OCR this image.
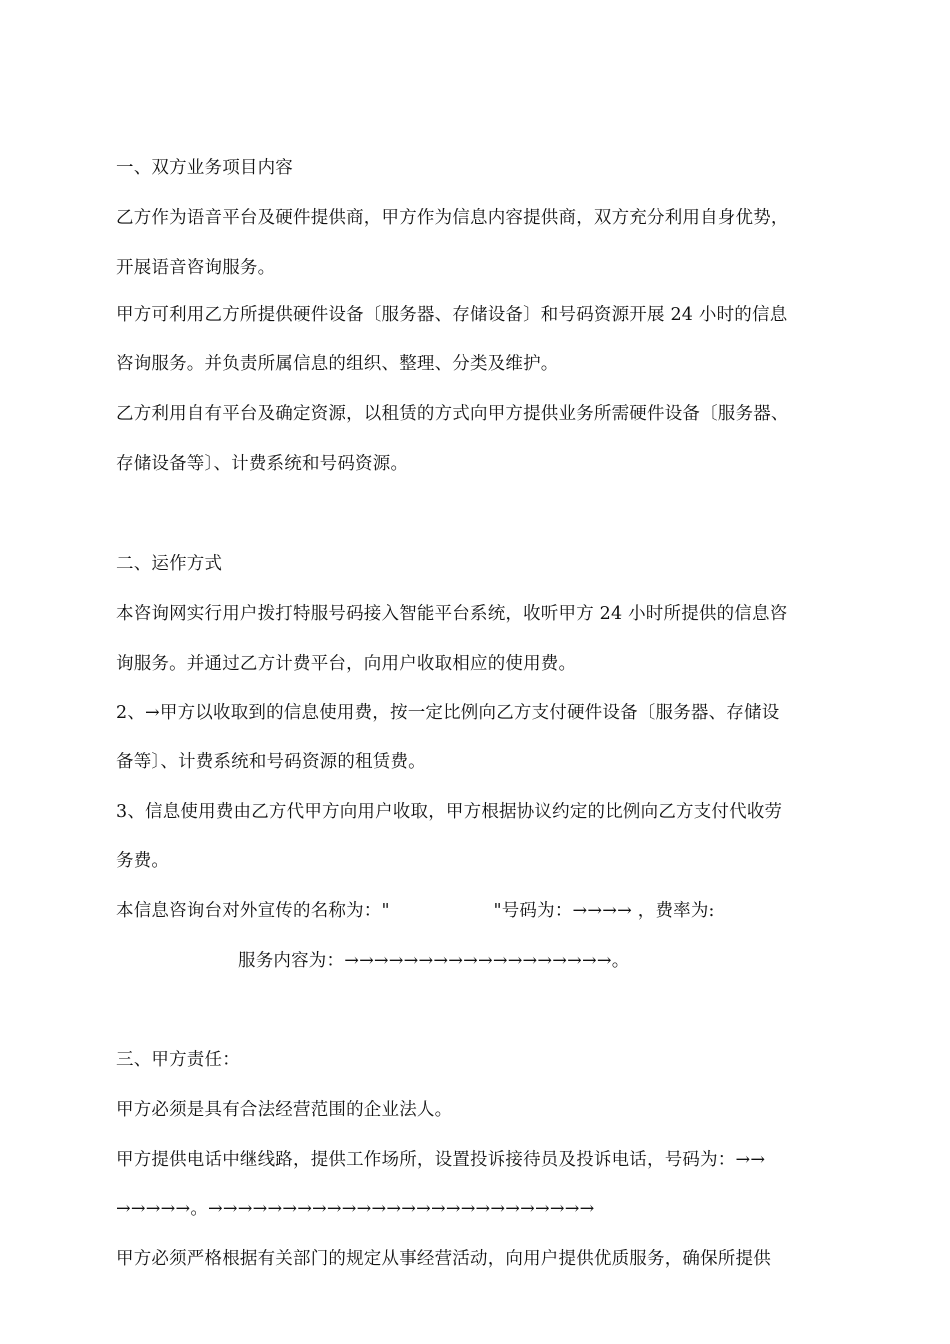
一、双方业务项目内容
乙方作为语音平台及硬件提供商，甲方作为信息内容提供商，双方充分利用自身优势，
开展语音咨询服务。
甲方可利用乙方所提供硬件设备〔服务器、存储设备〕和号码资源开展 24 小时的信息
咨询服务。并负责所属信息的组织、整理、分类及维护。
乙方利用自有平台及确定资源，以租赁的方式向甲方提供业务所需硬件设备〔服务器、
存储设备等〕、计费系统和号码资源。
二、运作方式
本咨询网实行用户拨打特服号码接入智能平台系统，收听甲方 24 小时所提供的信息咨
询服务。并通过乙方计费平台，向用户收取相应的使用费。
2、→甲方以收取到的信息使用费，按一定比例向乙方支付硬件设备〔服务器、存储设
备等〕、计费系统和号码资源的租赁费。
3、信息使用费由乙方代甲方向用户收取，甲方根据协议约定的比例向乙方支付代收劳
务费。
本信息咨询台对外宣传的名称为："                  "号码为：→→→→ ，费率为:
服务内容为：→→→→→→→→→→→→→→→→→→。
三、甲方责任：
甲方必须是具有合法经营范围的企业法人。
甲方提供电话中继线路，提供工作场所，设置投诉接待员及投诉电话，号码为：→→
→→→→→。→→→→→→→→→→→→→→→→→→→→→→→→→→
甲方必须严格根据有关部门的规定从事经营活动，向用户提供优质服务，确保所提供
